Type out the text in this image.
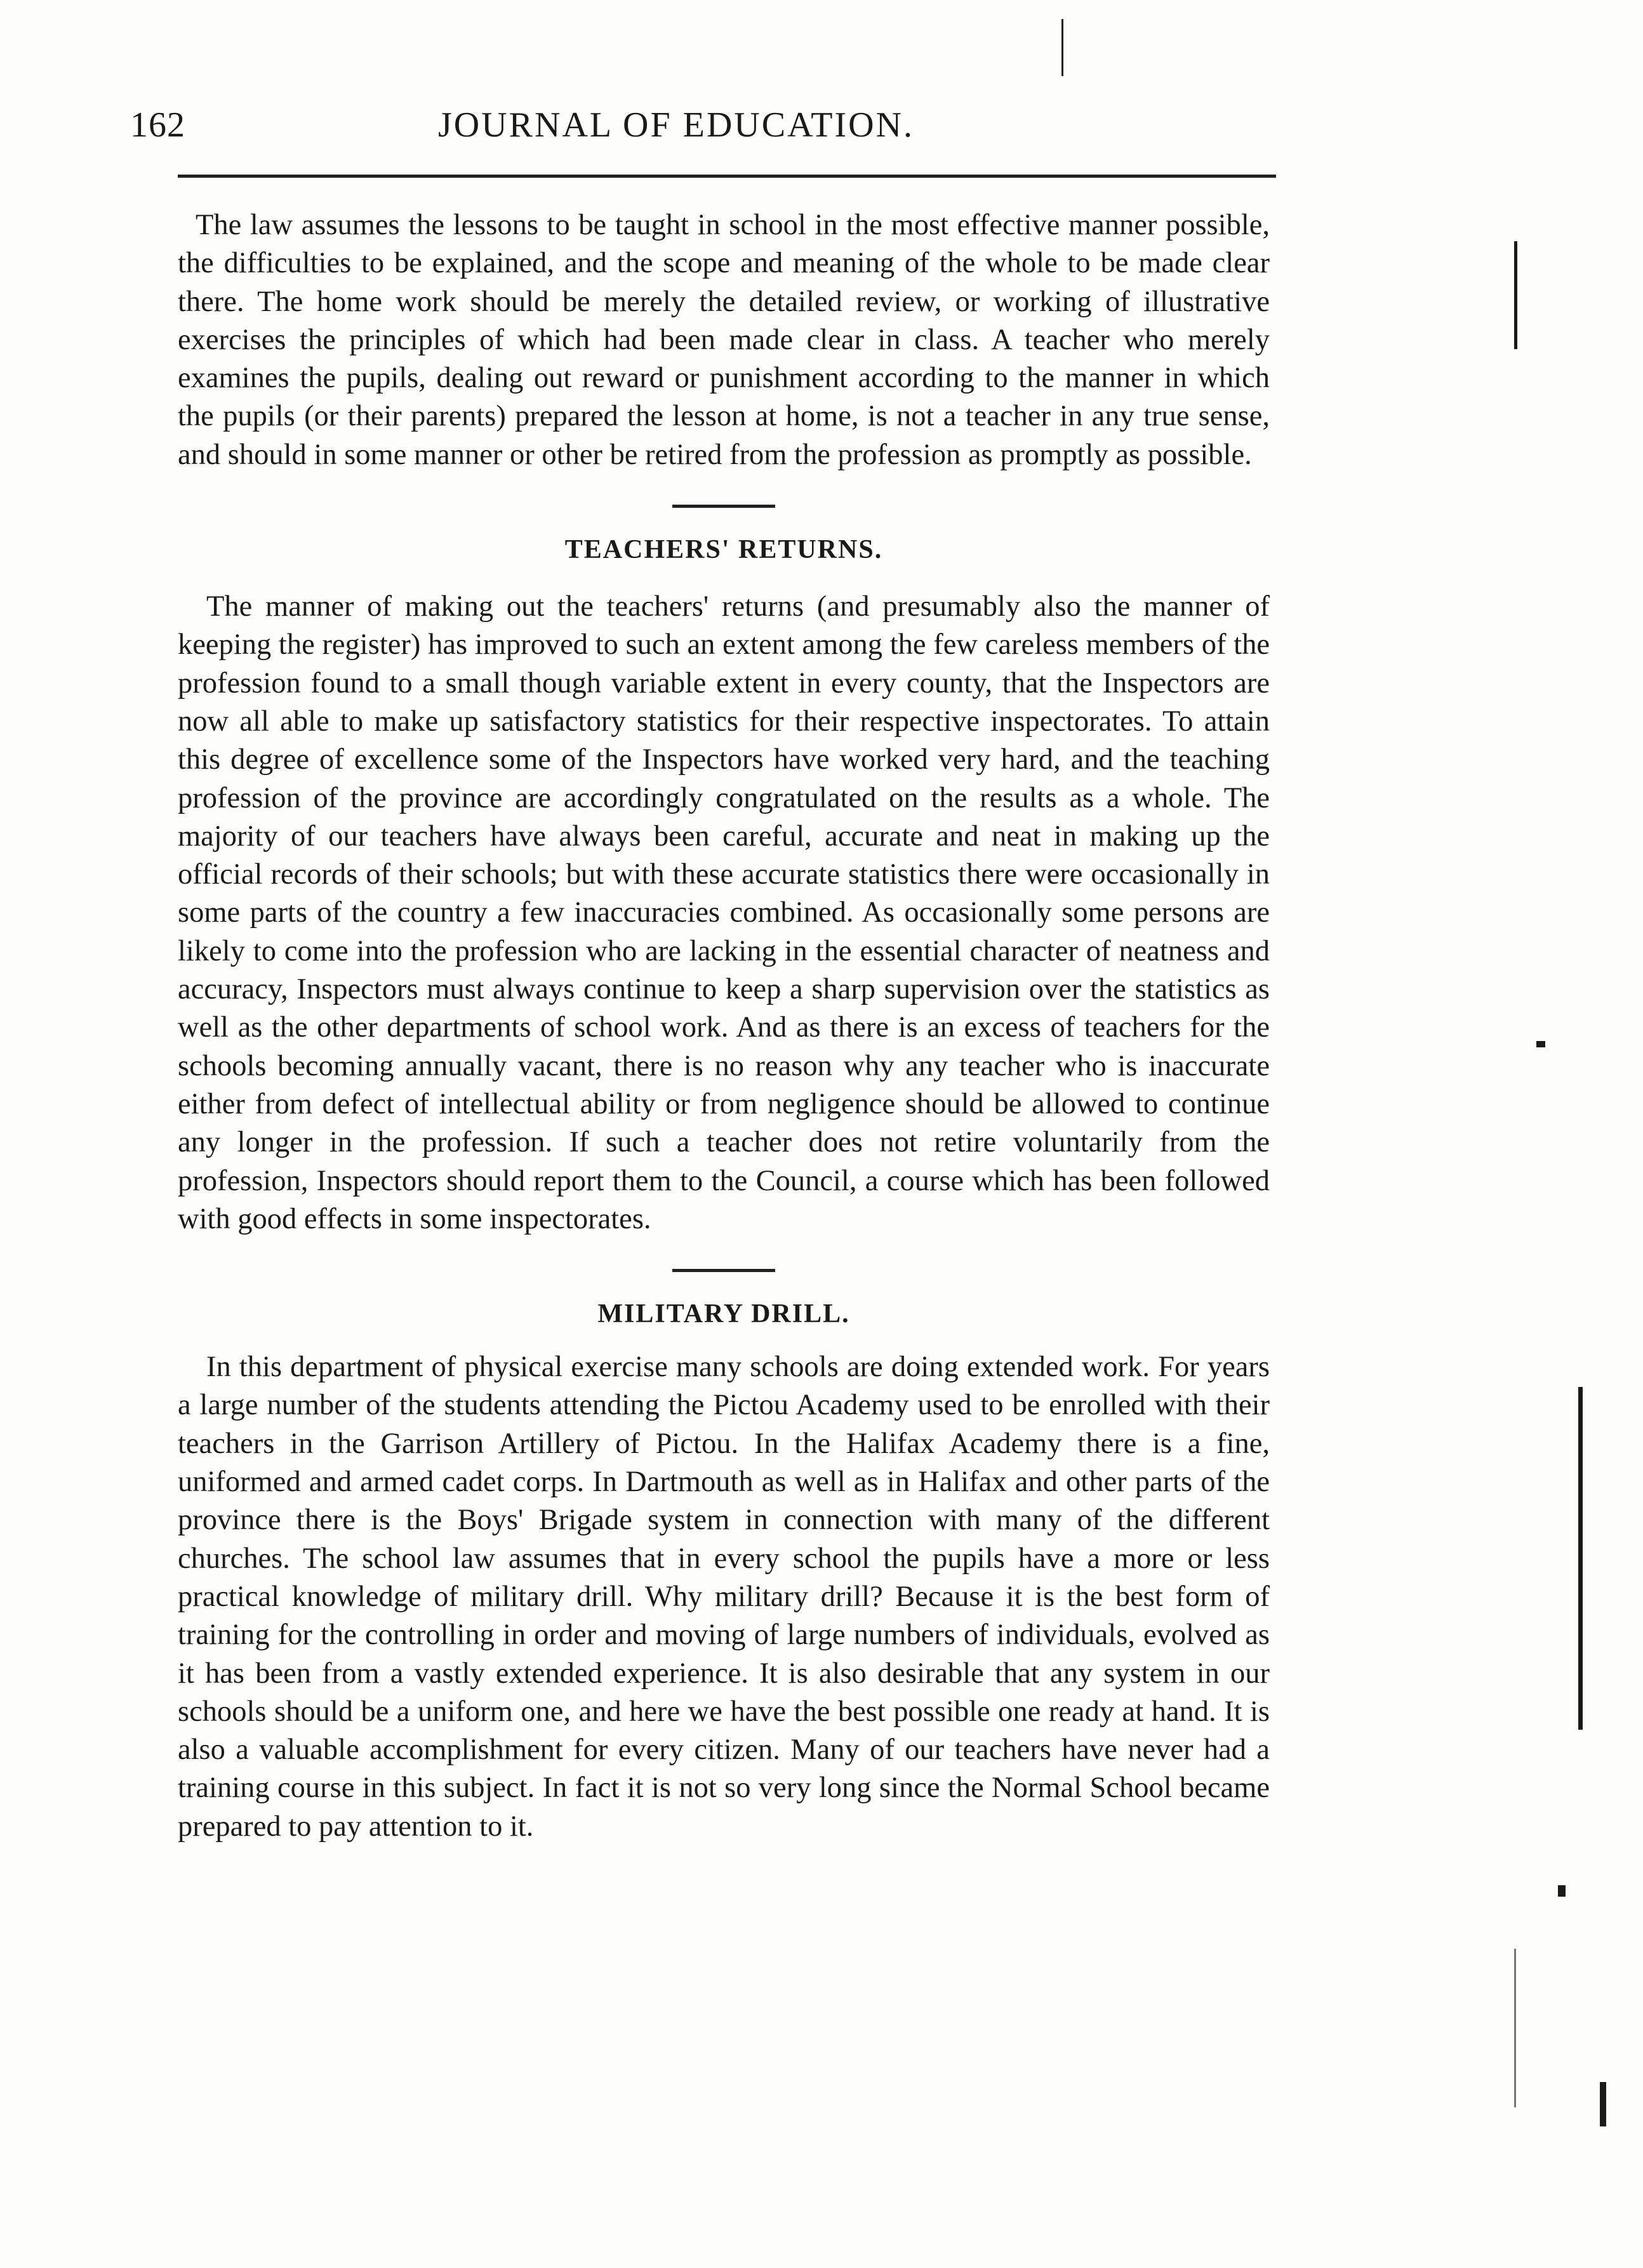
162	JOURNAL OF EDUCATION.

The law assumes the lessons to be taught in school in the most effective manner possible, the difficulties to be explained, and the scope and meaning of the whole to be made clear there. The home work should be merely the detailed review, or working of illustrative exercises the principles of which had been made clear in class. A teacher who merely examines the pupils, dealing out reward or punishment according to the manner in which the pupils (or their parents) prepared the lesson at home, is not a teacher in any true sense, and should in some manner or other be retired from the profession as promptly as possible.

TEACHERS' RETURNS.

The manner of making out the teachers' returns (and presumably also the manner of keeping the register) has improved to such an extent among the few careless members of the profession found to a small though variable extent in every county, that the Inspectors are now all able to make up satisfactory statistics for their respective inspectorates. To attain this degree of excellence some of the Inspectors have worked very hard, and the teaching profession of the province are accordingly congratulated on the results as a whole. The majority of our teachers have always been careful, accurate and neat in making up the official records of their schools; but with these accurate statistics there were occasionally in some parts of the country a few inaccuracies combined. As occasionally some persons are likely to come into the profession who are lacking in the essential character of neatness and accuracy, Inspectors must always continue to keep a sharp supervision over the statistics as well as the other departments of school work. And as there is an excess of teachers for the schools becoming annually vacant, there is no reason why any teacher who is inaccurate either from defect of intellectual ability or from negligence should be allowed to continue any longer in the profession. If such a teacher does not retire voluntarily from the profession, Inspectors should report them to the Council, a course which has been followed with good effects in some inspectorates.

MILITARY DRILL.

In this department of physical exercise many schools are doing extended work. For years a large number of the students attending the Pictou Academy used to be enrolled with their teachers in the Garrison Artillery of Pictou. In the Halifax Academy there is a fine, uniformed and armed cadet corps. In Dartmouth as well as in Halifax and other parts of the province there is the Boys' Brigade system in connection with many of the different churches. The school law assumes that in every school the pupils have a more or less practical knowledge of military drill. Why military drill? Because it is the best form of training for the controlling in order and moving of large numbers of individuals, evolved as it has been from a vastly extended experience. It is also desirable that any system in our schools should be a uniform one, and here we have the best possible one ready at hand. It is also a valuable accomplishment for every citizen. Many of our teachers have never had a training course in this subject. In fact it is not so very long since the Normal School became prepared to pay attention to it.
